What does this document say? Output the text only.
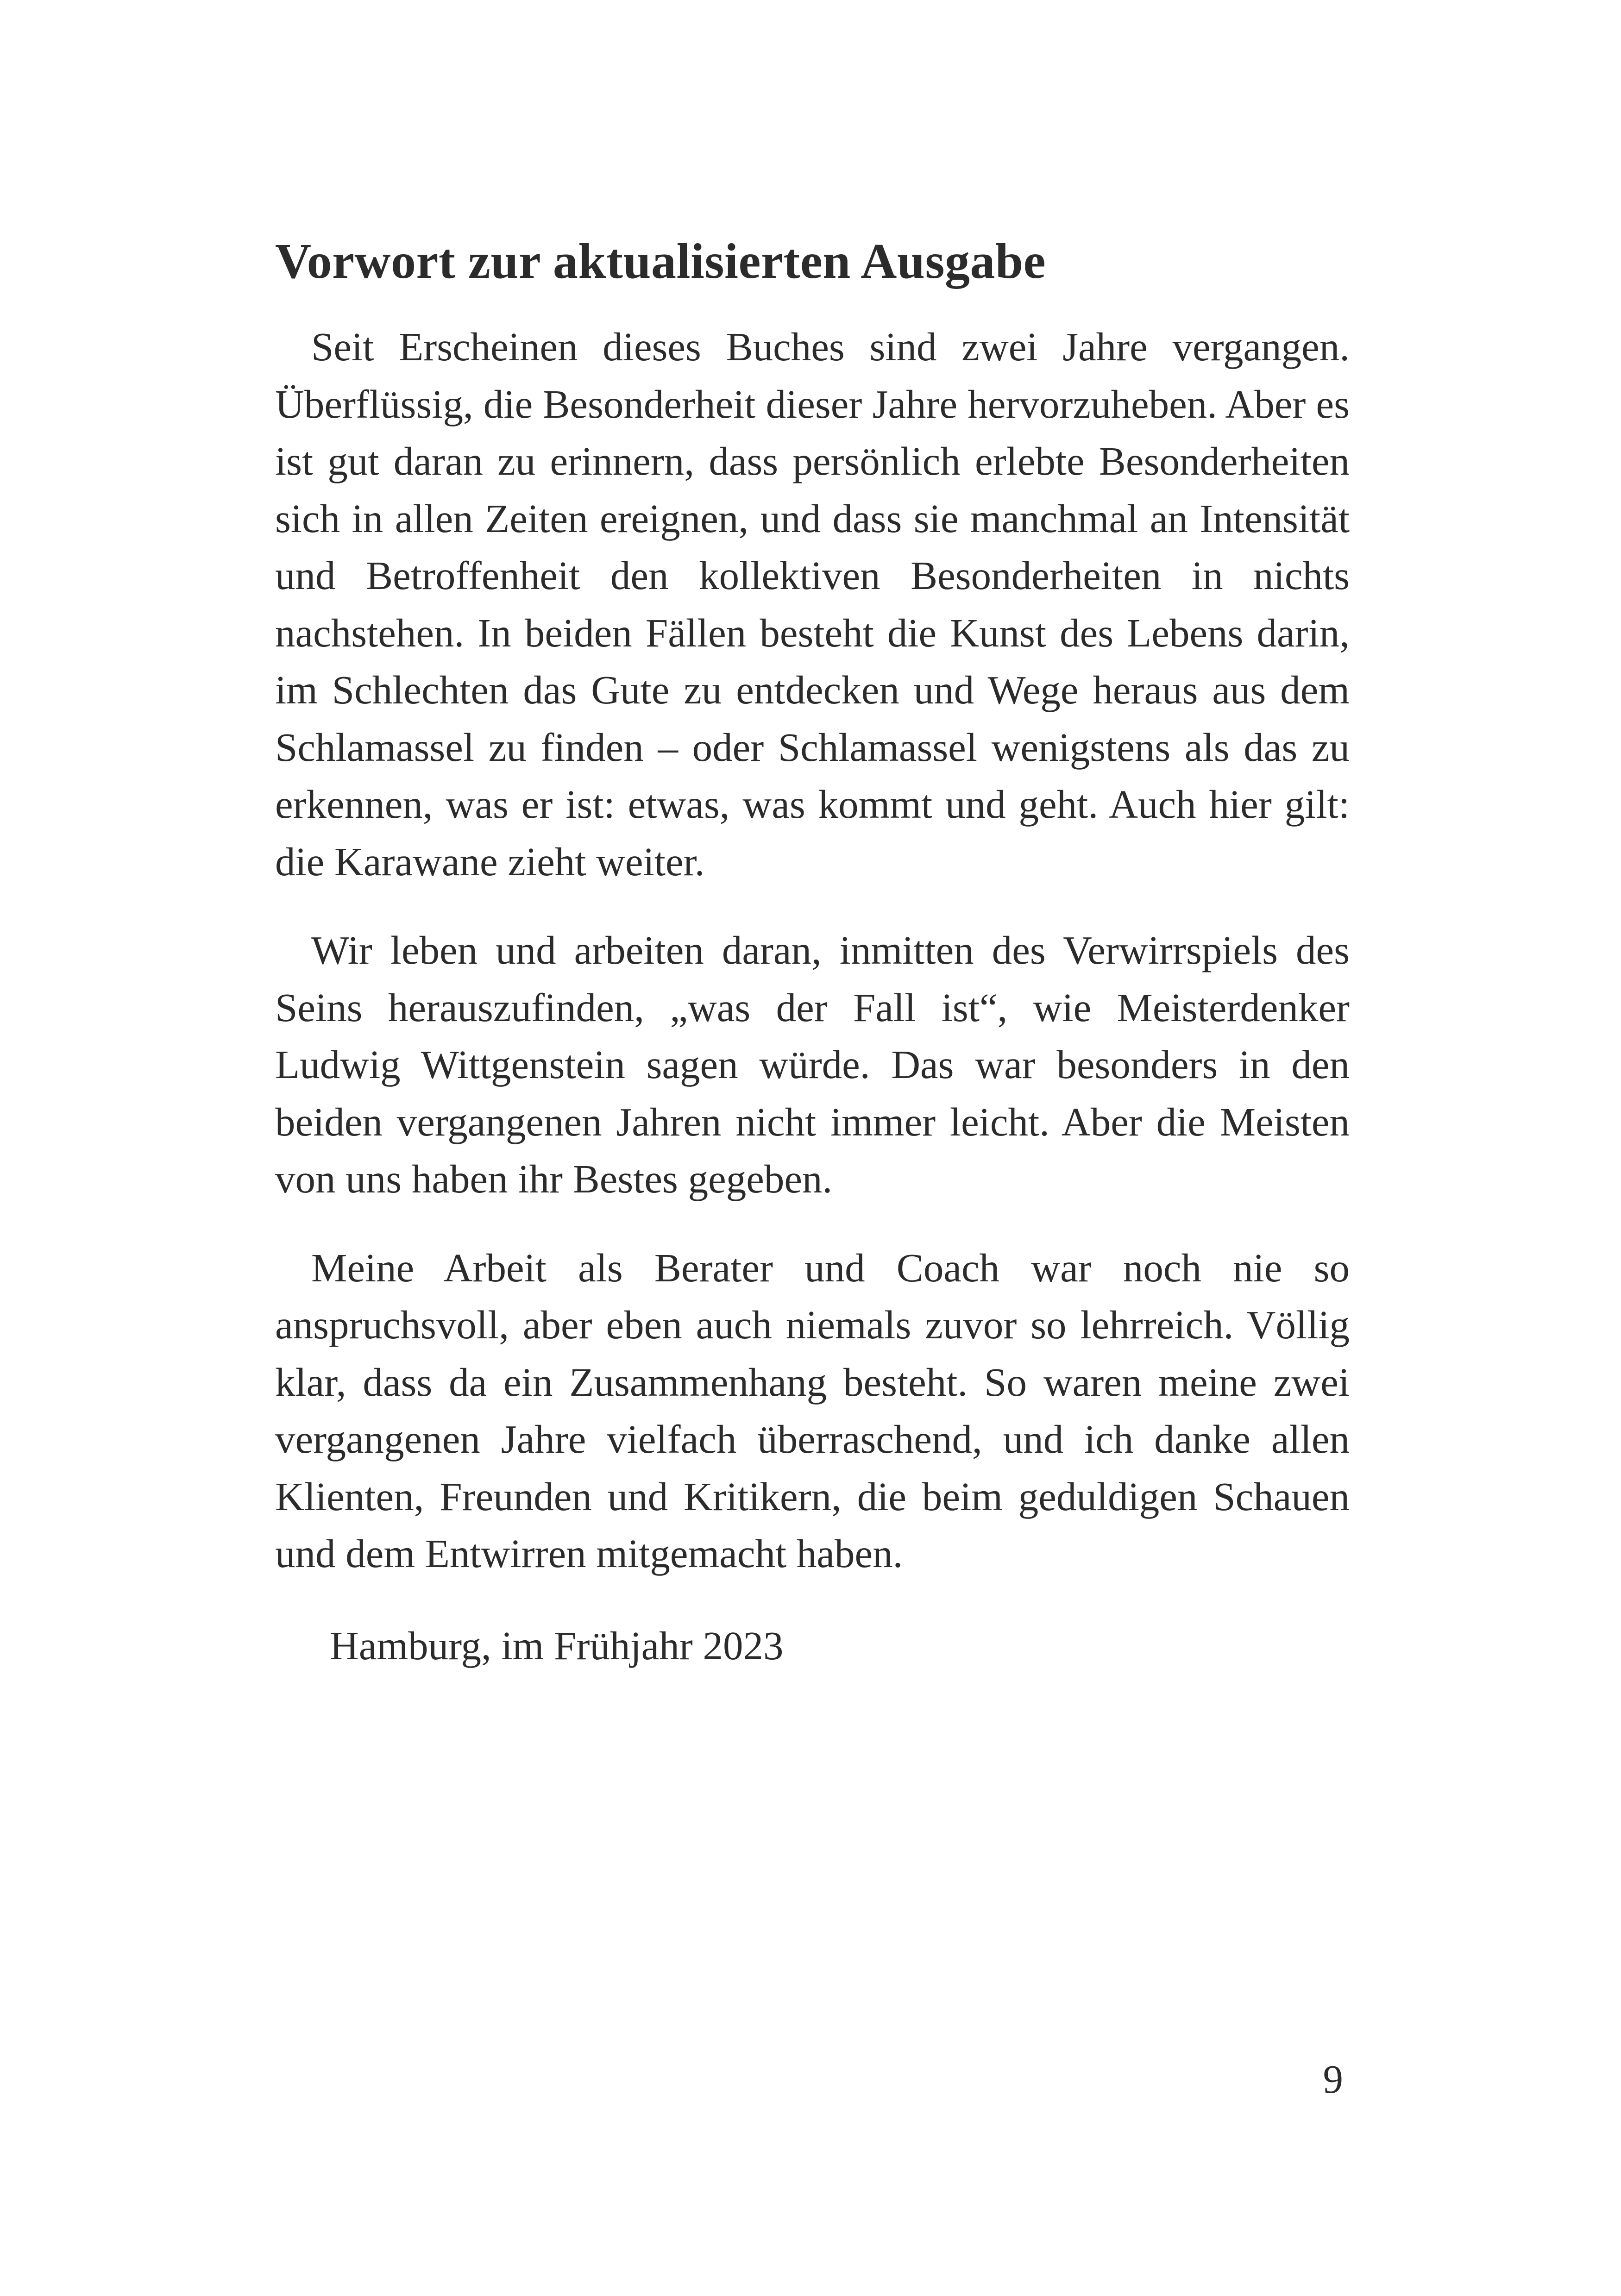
Vorwort zur aktualisierten Ausgabe

Seit Erscheinen dieses Buches sind zwei Jahre vergangen. Überflüssig, die Besonderheit dieser Jahre hervorzuheben. Aber es ist gut daran zu erinnern, dass persönlich erlebte Besonderheiten sich in allen Zeiten ereignen, und dass sie manchmal an Intensität und Betroffenheit den kollektiven Besonderheiten in nichts nachstehen. In beiden Fällen besteht die Kunst des Lebens darin, im Schlechten das Gute zu entdecken und Wege heraus aus dem Schlamassel zu finden – oder Schlamassel wenigstens als das zu erkennen, was er ist: etwas, was kommt und geht. Auch hier gilt: die Karawane zieht weiter.

Wir leben und arbeiten daran, inmitten des Verwirrspiels des Seins herauszufinden, „was der Fall ist“, wie Meisterdenker Ludwig Wittgenstein sagen würde. Das war besonders in den beiden vergangenen Jahren nicht immer leicht. Aber die Meisten von uns haben ihr Bestes gegeben.

Meine Arbeit als Berater und Coach war noch nie so anspruchsvoll, aber eben auch niemals zuvor so lehrreich. Völlig klar, dass da ein Zusammenhang besteht. So waren meine zwei vergangenen Jahre vielfach überraschend, und ich danke allen Klienten, Freunden und Kritikern, die beim geduldigen Schauen und dem Entwirren mitgemacht haben.

Hamburg, im Frühjahr 2023

9
